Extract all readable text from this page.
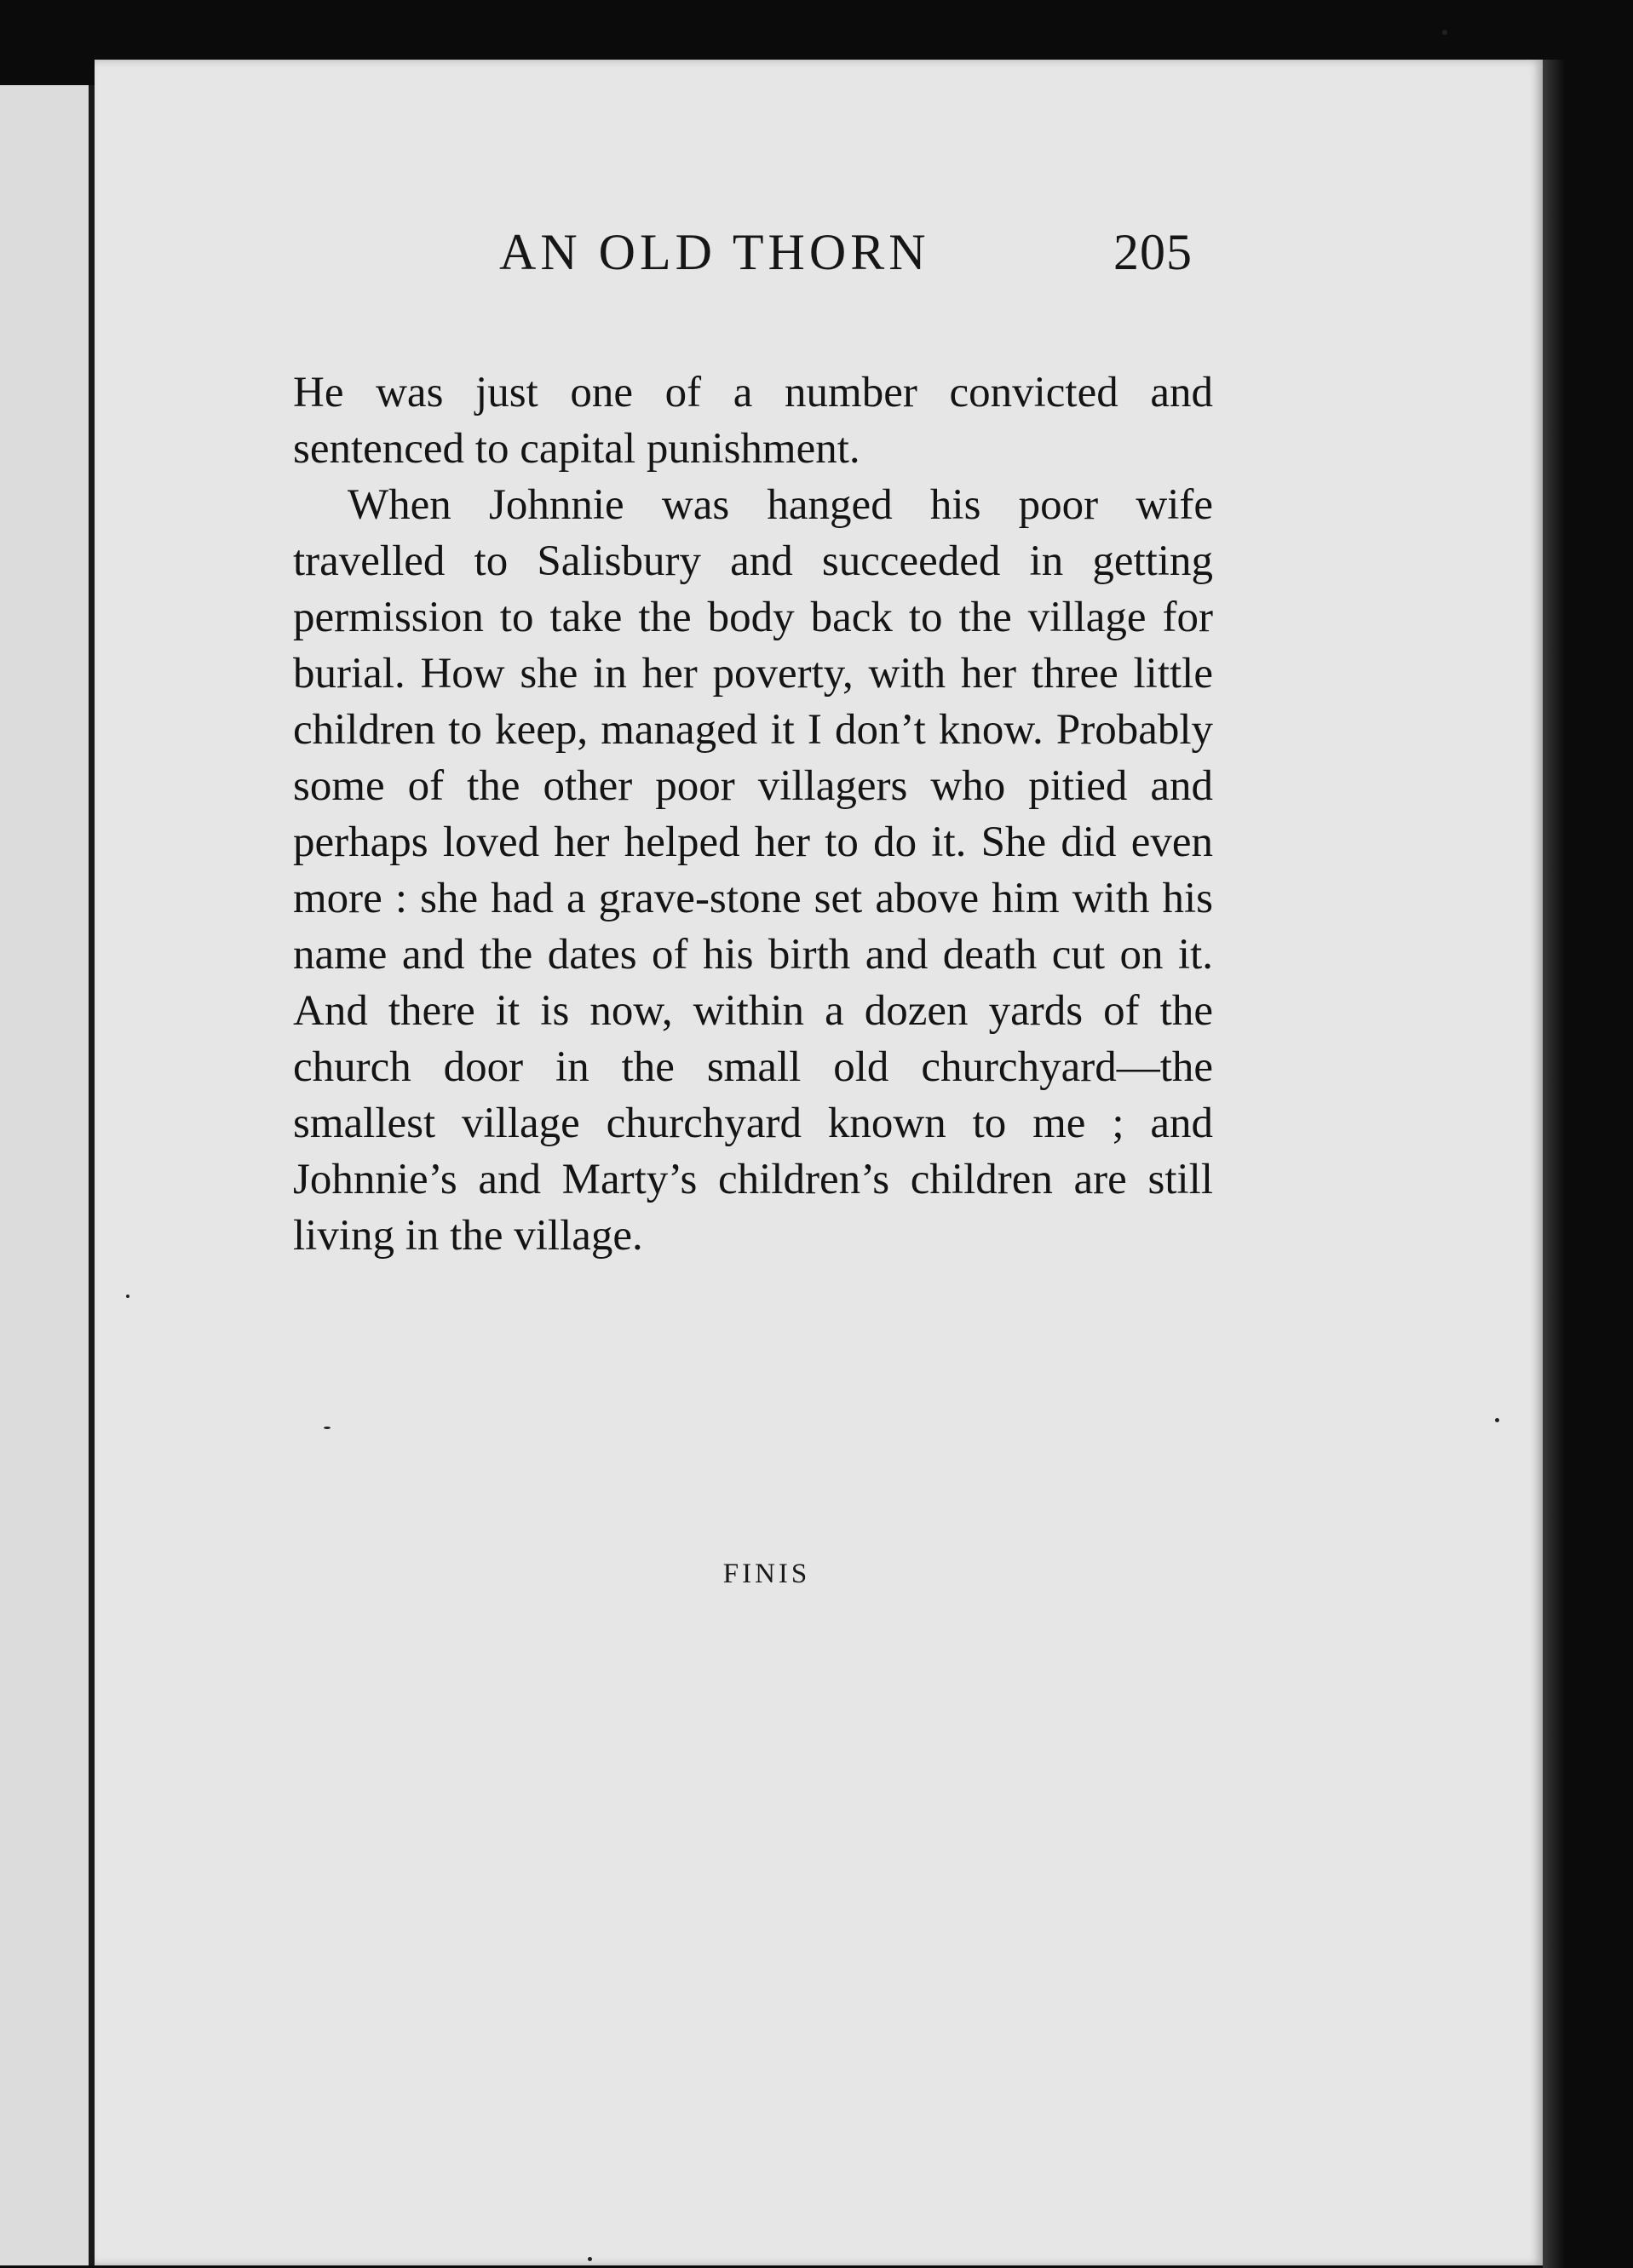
AN OLD THORN	205

He was just one of a number convicted and sentenced to capital punishment.

When Johnnie was hanged his poor wife travelled to Salisbury and succeeded in getting permission to take the body back to the village for burial. How she in her poverty, with her three little children to keep, managed it I don’t know. Probably some of the other poor villagers who pitied and perhaps loved her helped her to do it. She did even more : she had a grave-stone set above him with his name and the dates of his birth and death cut on it. And there it is now, within a dozen yards of the church door in the small old churchyard—the smallest village churchyard known to me ; and Johnnie’s and Marty’s children’s children are still living in the village.

FINIS
